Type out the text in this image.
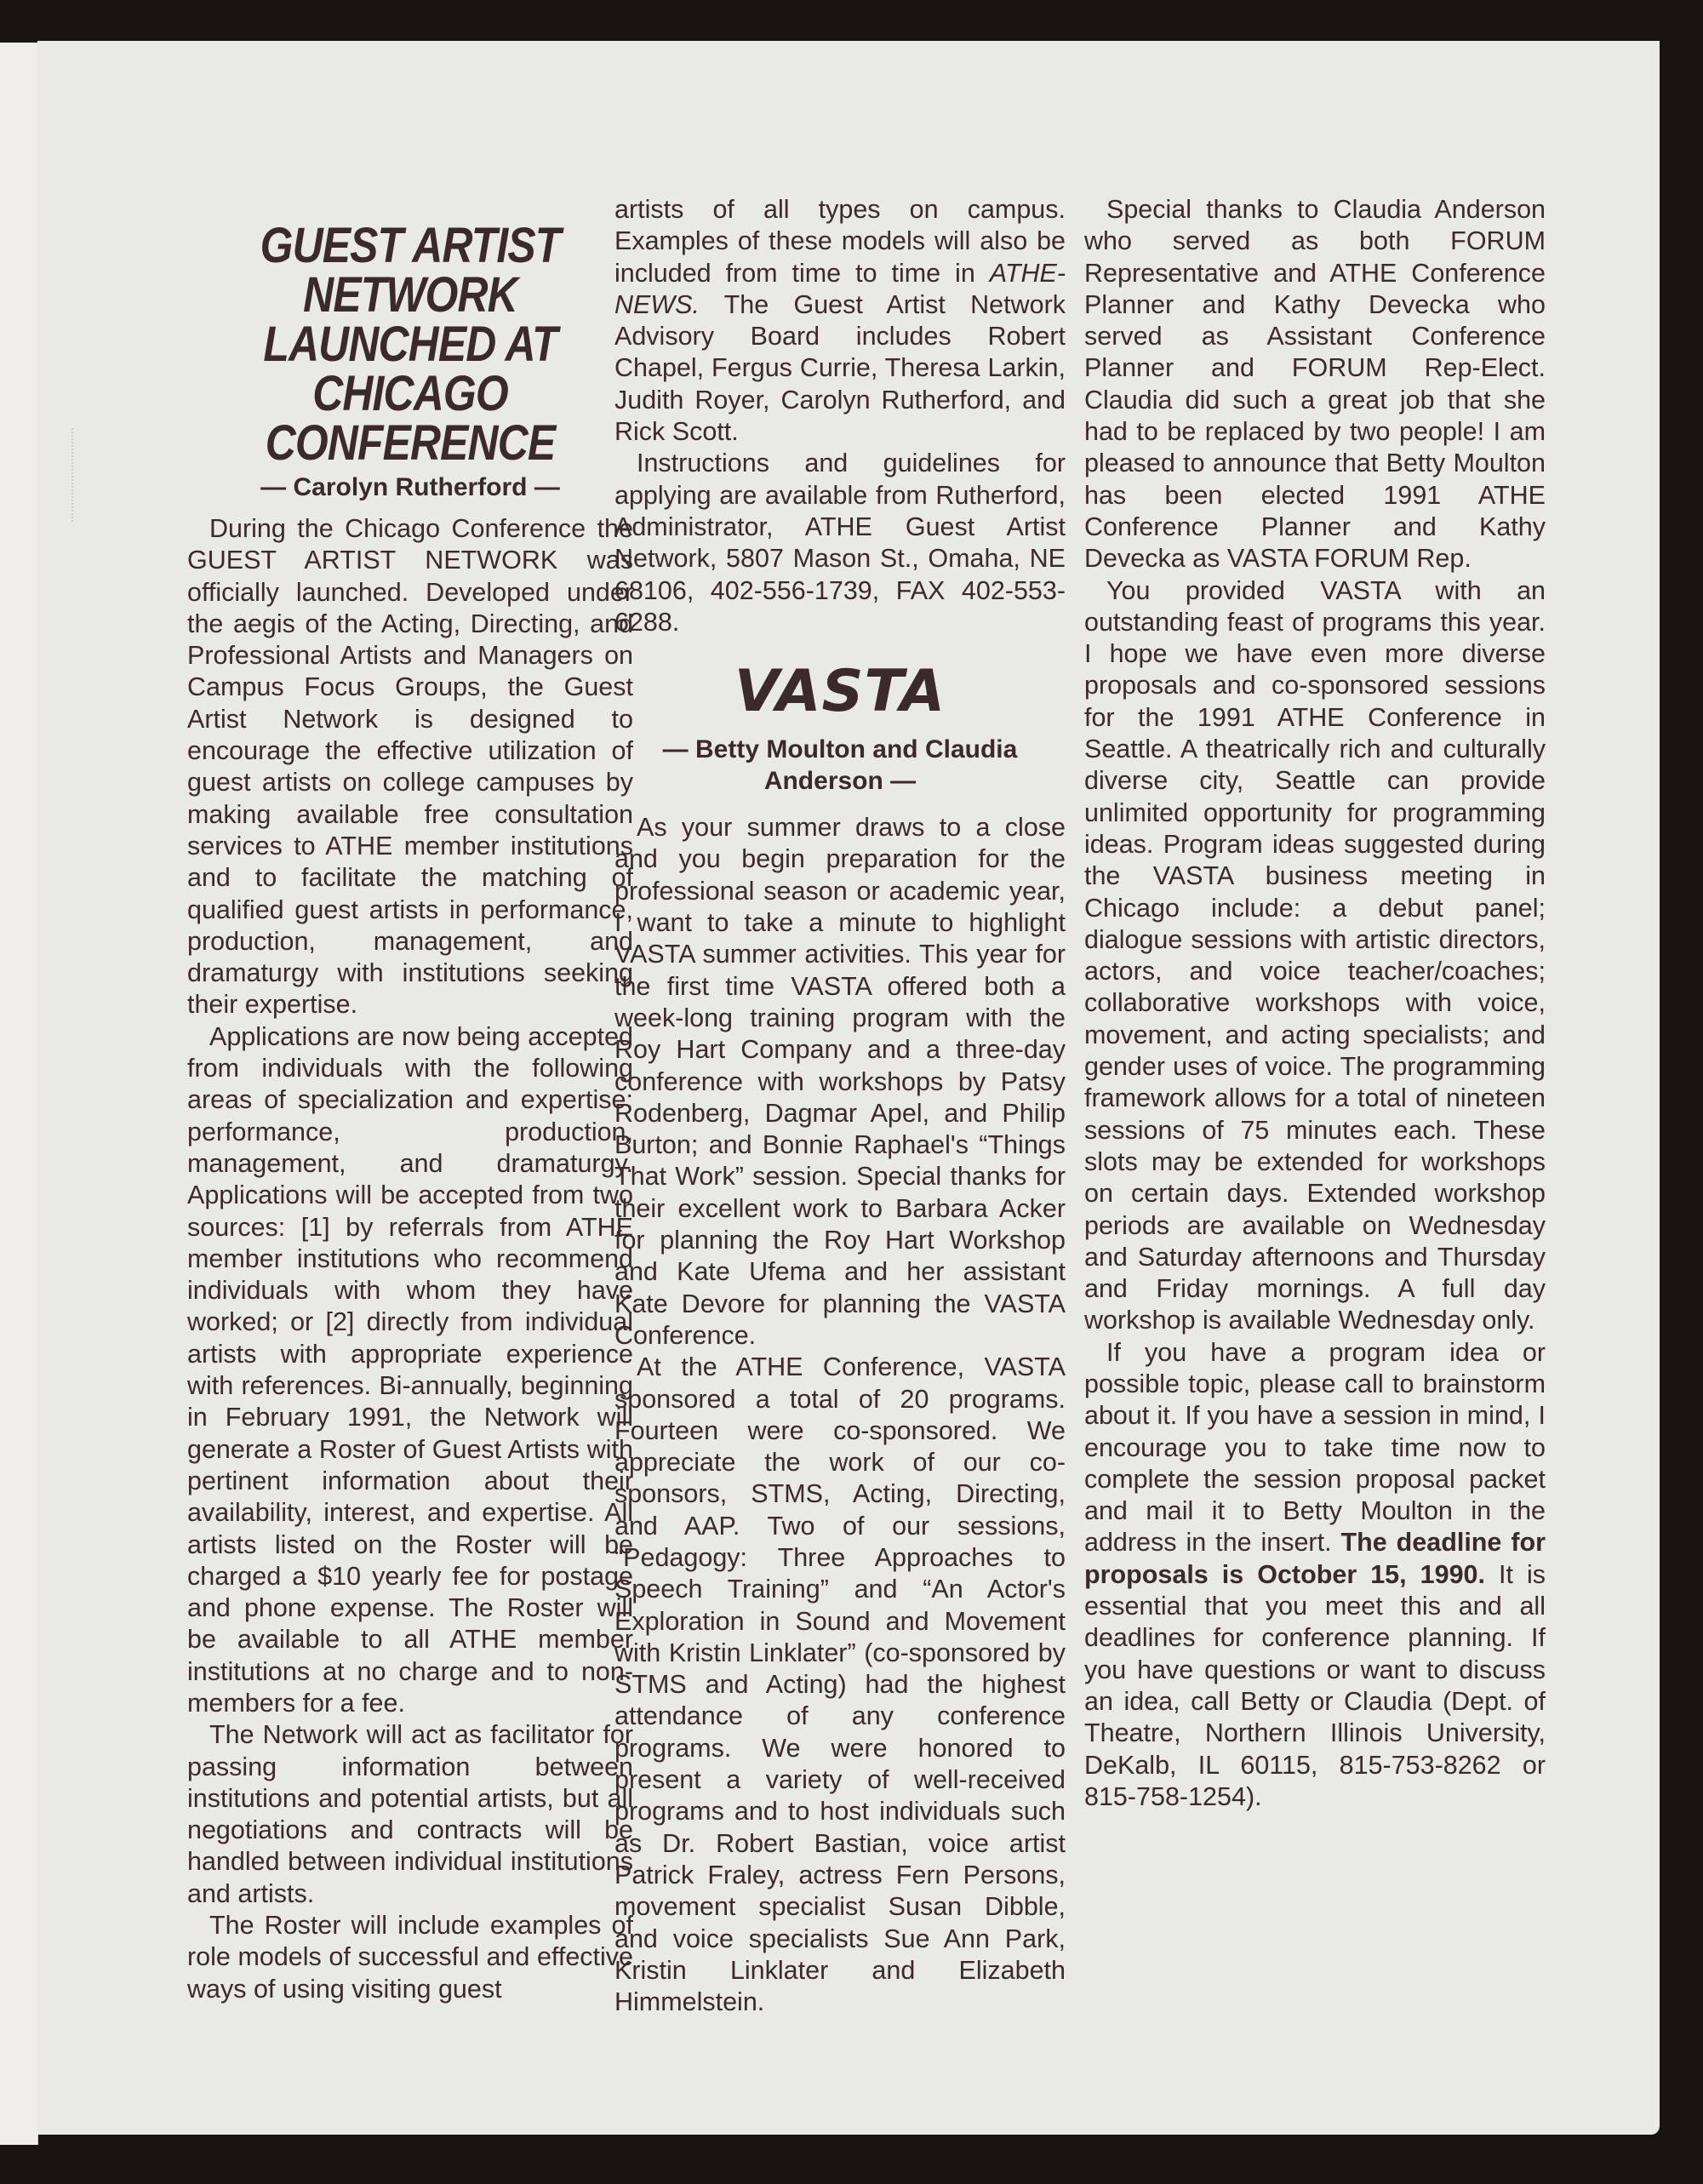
GUEST ARTIST NETWORK LAUNCHED AT CHICAGO CONFERENCE
— Carolyn Rutherford —

During the Chicago Conference the GUEST ARTIST NETWORK was officially launched. Developed under the aegis of the Acting, Directing, and Professional Artists and Managers on Campus Focus Groups, the Guest Artist Network is designed to encourage the effective utilization of guest artists on college campuses by making available free consultation services to ATHE member institutions and to facilitate the matching of qualified guest artists in performance, production, management, and dramaturgy with institutions seeking their expertise.

Applications are now being accepted from individuals with the following areas of specialization and expertise: performance, production, management, and dramaturgy. Applications will be accepted from two sources: [1] by referrals from ATHE member institutions who recommend individuals with whom they have worked; or [2] directly from individual artists with appropriate experience with references. Bi-annually, beginning in February 1991, the Network will generate a Roster of Guest Artists with pertinent information about their availability, interest, and expertise. All artists listed on the Roster will be charged a $10 yearly fee for postage and phone expense. The Roster will be available to all ATHE member institutions at no charge and to non-members for a fee.

The Network will act as facilitator for passing information between institutions and potential artists, but all negotiations and contracts will be handled between individual institutions and artists.

The Roster will include examples of role models of successful and effective ways of using visiting guest

artists of all types on campus. Examples of these models will also be included from time to time in ATHE-NEWS. The Guest Artist Network Advisory Board includes Robert Chapel, Fergus Currie, Theresa Larkin, Judith Royer, Carolyn Rutherford, and Rick Scott.

Instructions and guidelines for applying are available from Rutherford, Administrator, ATHE Guest Artist Network, 5807 Mason St., Omaha, NE 68106, 402-556-1739, FAX 402-553-6288.

VASTA
— Betty Moulton and Claudia Anderson —

As your summer draws to a close and you begin preparation for the professional season or academic year, I want to take a minute to highlight VASTA summer activities. This year for the first time VASTA offered both a week-long training program with the Roy Hart Company and a three-day conference with workshops by Patsy Rodenberg, Dagmar Apel, and Philip Burton; and Bonnie Raphael's “Things That Work” session. Special thanks for their excellent work to Barbara Acker for planning the Roy Hart Workshop and Kate Ufema and her assistant Kate Devore for planning the VASTA Conference.

At the ATHE Conference, VASTA sponsored a total of 20 programs. Fourteen were co-sponsored. We appreciate the work of our co-sponsors, STMS, Acting, Directing, and AAP. Two of our sessions, “Pedagogy: Three Approaches to Speech Training” and “An Actor's Exploration in Sound and Movement with Kristin Linklater” (co-sponsored by STMS and Acting) had the highest attendance of any conference programs. We were honored to present a variety of well-received programs and to host individuals such as Dr. Robert Bastian, voice artist Patrick Fraley, actress Fern Persons, movement specialist Susan Dibble, and voice specialists Sue Ann Park, Kristin Linklater and Elizabeth Himmelstein.

Special thanks to Claudia Anderson who served as both FORUM Representative and ATHE Conference Planner and Kathy Devecka who served as Assistant Conference Planner and FORUM Rep-Elect. Claudia did such a great job that she had to be replaced by two people! I am pleased to announce that Betty Moulton has been elected 1991 ATHE Conference Planner and Kathy Devecka as VASTA FORUM Rep.

You provided VASTA with an outstanding feast of programs this year. I hope we have even more diverse proposals and co-sponsored sessions for the 1991 ATHE Conference in Seattle. A theatrically rich and culturally diverse city, Seattle can provide unlimited opportunity for programming ideas. Program ideas suggested during the VASTA business meeting in Chicago include: a debut panel; dialogue sessions with artistic directors, actors, and voice teacher/coaches; collaborative workshops with voice, movement, and acting specialists; and gender uses of voice. The programming framework allows for a total of nineteen sessions of 75 minutes each. These slots may be extended for workshops on certain days. Extended workshop periods are available on Wednesday and Saturday afternoons and Thursday and Friday mornings. A full day workshop is available Wednesday only.

If you have a program idea or possible topic, please call to brainstorm about it. If you have a session in mind, I encourage you to take time now to complete the session proposal packet and mail it to Betty Moulton in the address in the insert. The deadline for proposals is October 15, 1990. It is essential that you meet this and all deadlines for conference planning. If you have questions or want to discuss an idea, call Betty or Claudia (Dept. of Theatre, Northern Illinois University, DeKalb, IL 60115, 815-753-8262 or 815-758-1254).
